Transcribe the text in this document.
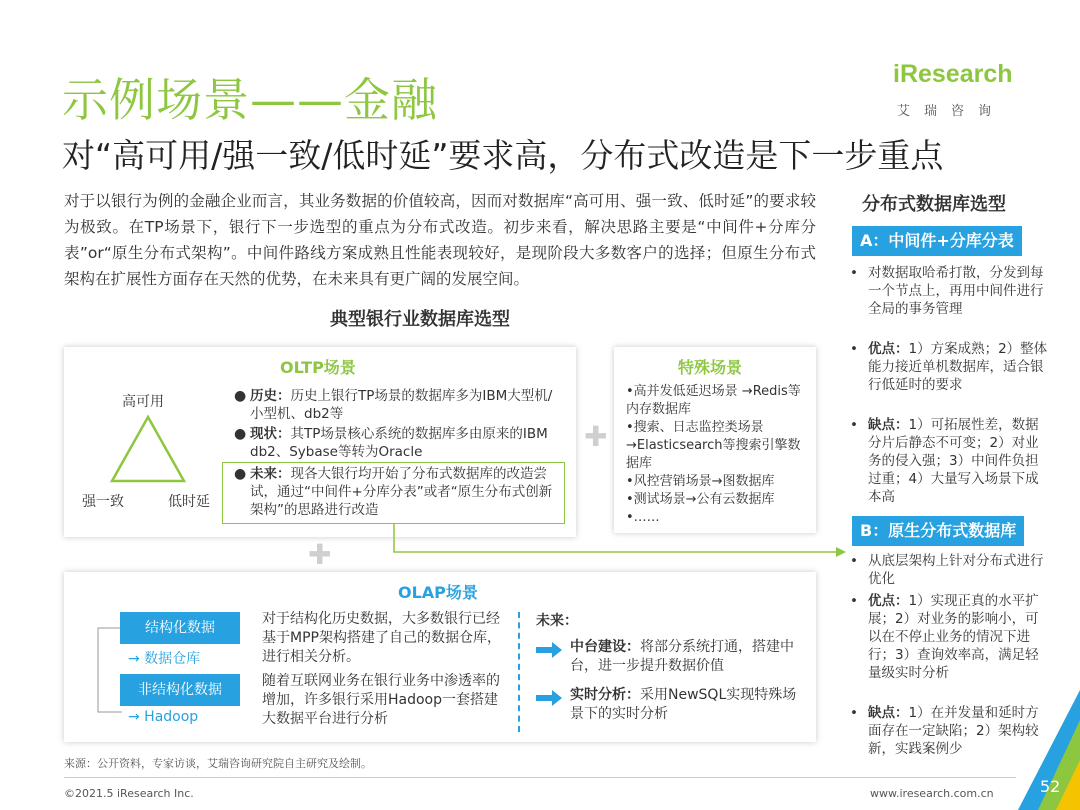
示例场景——金融
对“高可用/强一致/低时延”要求高，分布式改造是下一步重点
iResearch
艾瑞咨询
对于以银行为例的金融企业而言，其业务数据的价值较高，因而对数据库“高可用、强一致、低时延”的要求较为极致。在TP场景下，银行下一步选型的重点为分布式改造。初步来看，解决思路主要是“中间件+分库分表”or“原生分布式架构”。中间件路线方案成熟且性能表现较好，是现阶段大多数客户的选择；但原生分布式架构在扩展性方面存在天然的优势，在未来具有更广阔的发展空间。
典型银行业数据库选型
OLTP场景
高可用
强一致	低时延
● 历史：历史上银行TP场景的数据库多为IBM大型机/小型机、db2等
● 现状：其TP场景核心系统的数据库多由原来的IBM db2、Sybase等转为Oracle
● 未来：现各大银行均开始了分布式数据库的改造尝试，通过“中间件+分库分表”或者“原生分布式创新架构”的思路进行改造
✚
特殊场景
•高并发低延迟场景 →Redis等内存数据库
•搜索、日志监控类场景 →Elasticsearch等搜索引擎数据库
•风控营销场景→图数据库
•测试场景→公有云数据库
•……
✚
OLAP场景
结构化数据
→ 数据仓库
非结构化数据
→ Hadoop
对于结构化历史数据，大多数银行已经基于MPP架构搭建了自己的数据仓库，进行相关分析。
随着互联网业务在银行业务中渗透率的增加，许多银行采用Hadoop一套搭建大数据平台进行分析
未来：
中台建设：将部分系统打通，搭建中台，进一步提升数据价值
实时分析：采用NewSQL实现特殊场景下的实时分析
分布式数据库选型
A：中间件+分库分表
• 对数据取哈希打散，分发到每一个节点上，再用中间件进行全局的事务管理
• 优点：1）方案成熟；2）整体能力接近单机数据库，适合银行低延时的要求
• 缺点：1）可拓展性差，数据分片后静态不可变；2）对业务的侵入强；3）中间件负担过重；4）大量写入场景下成本高
B：原生分布式数据库
• 从底层架构上针对分布式进行优化
• 优点：1）实现正真的水平扩展；2）对业务的影响小，可以在不停止业务的情况下进行；3）查询效率高，满足轻量级实时分析
• 缺点：1）在并发量和延时方面存在一定缺陷；2）架构较新，实践案例少
来源：公开资料，专家访谈，艾瑞咨询研究院自主研究及绘制。
©2021.5 iResearch Inc.	www.iresearch.com.cn	52
